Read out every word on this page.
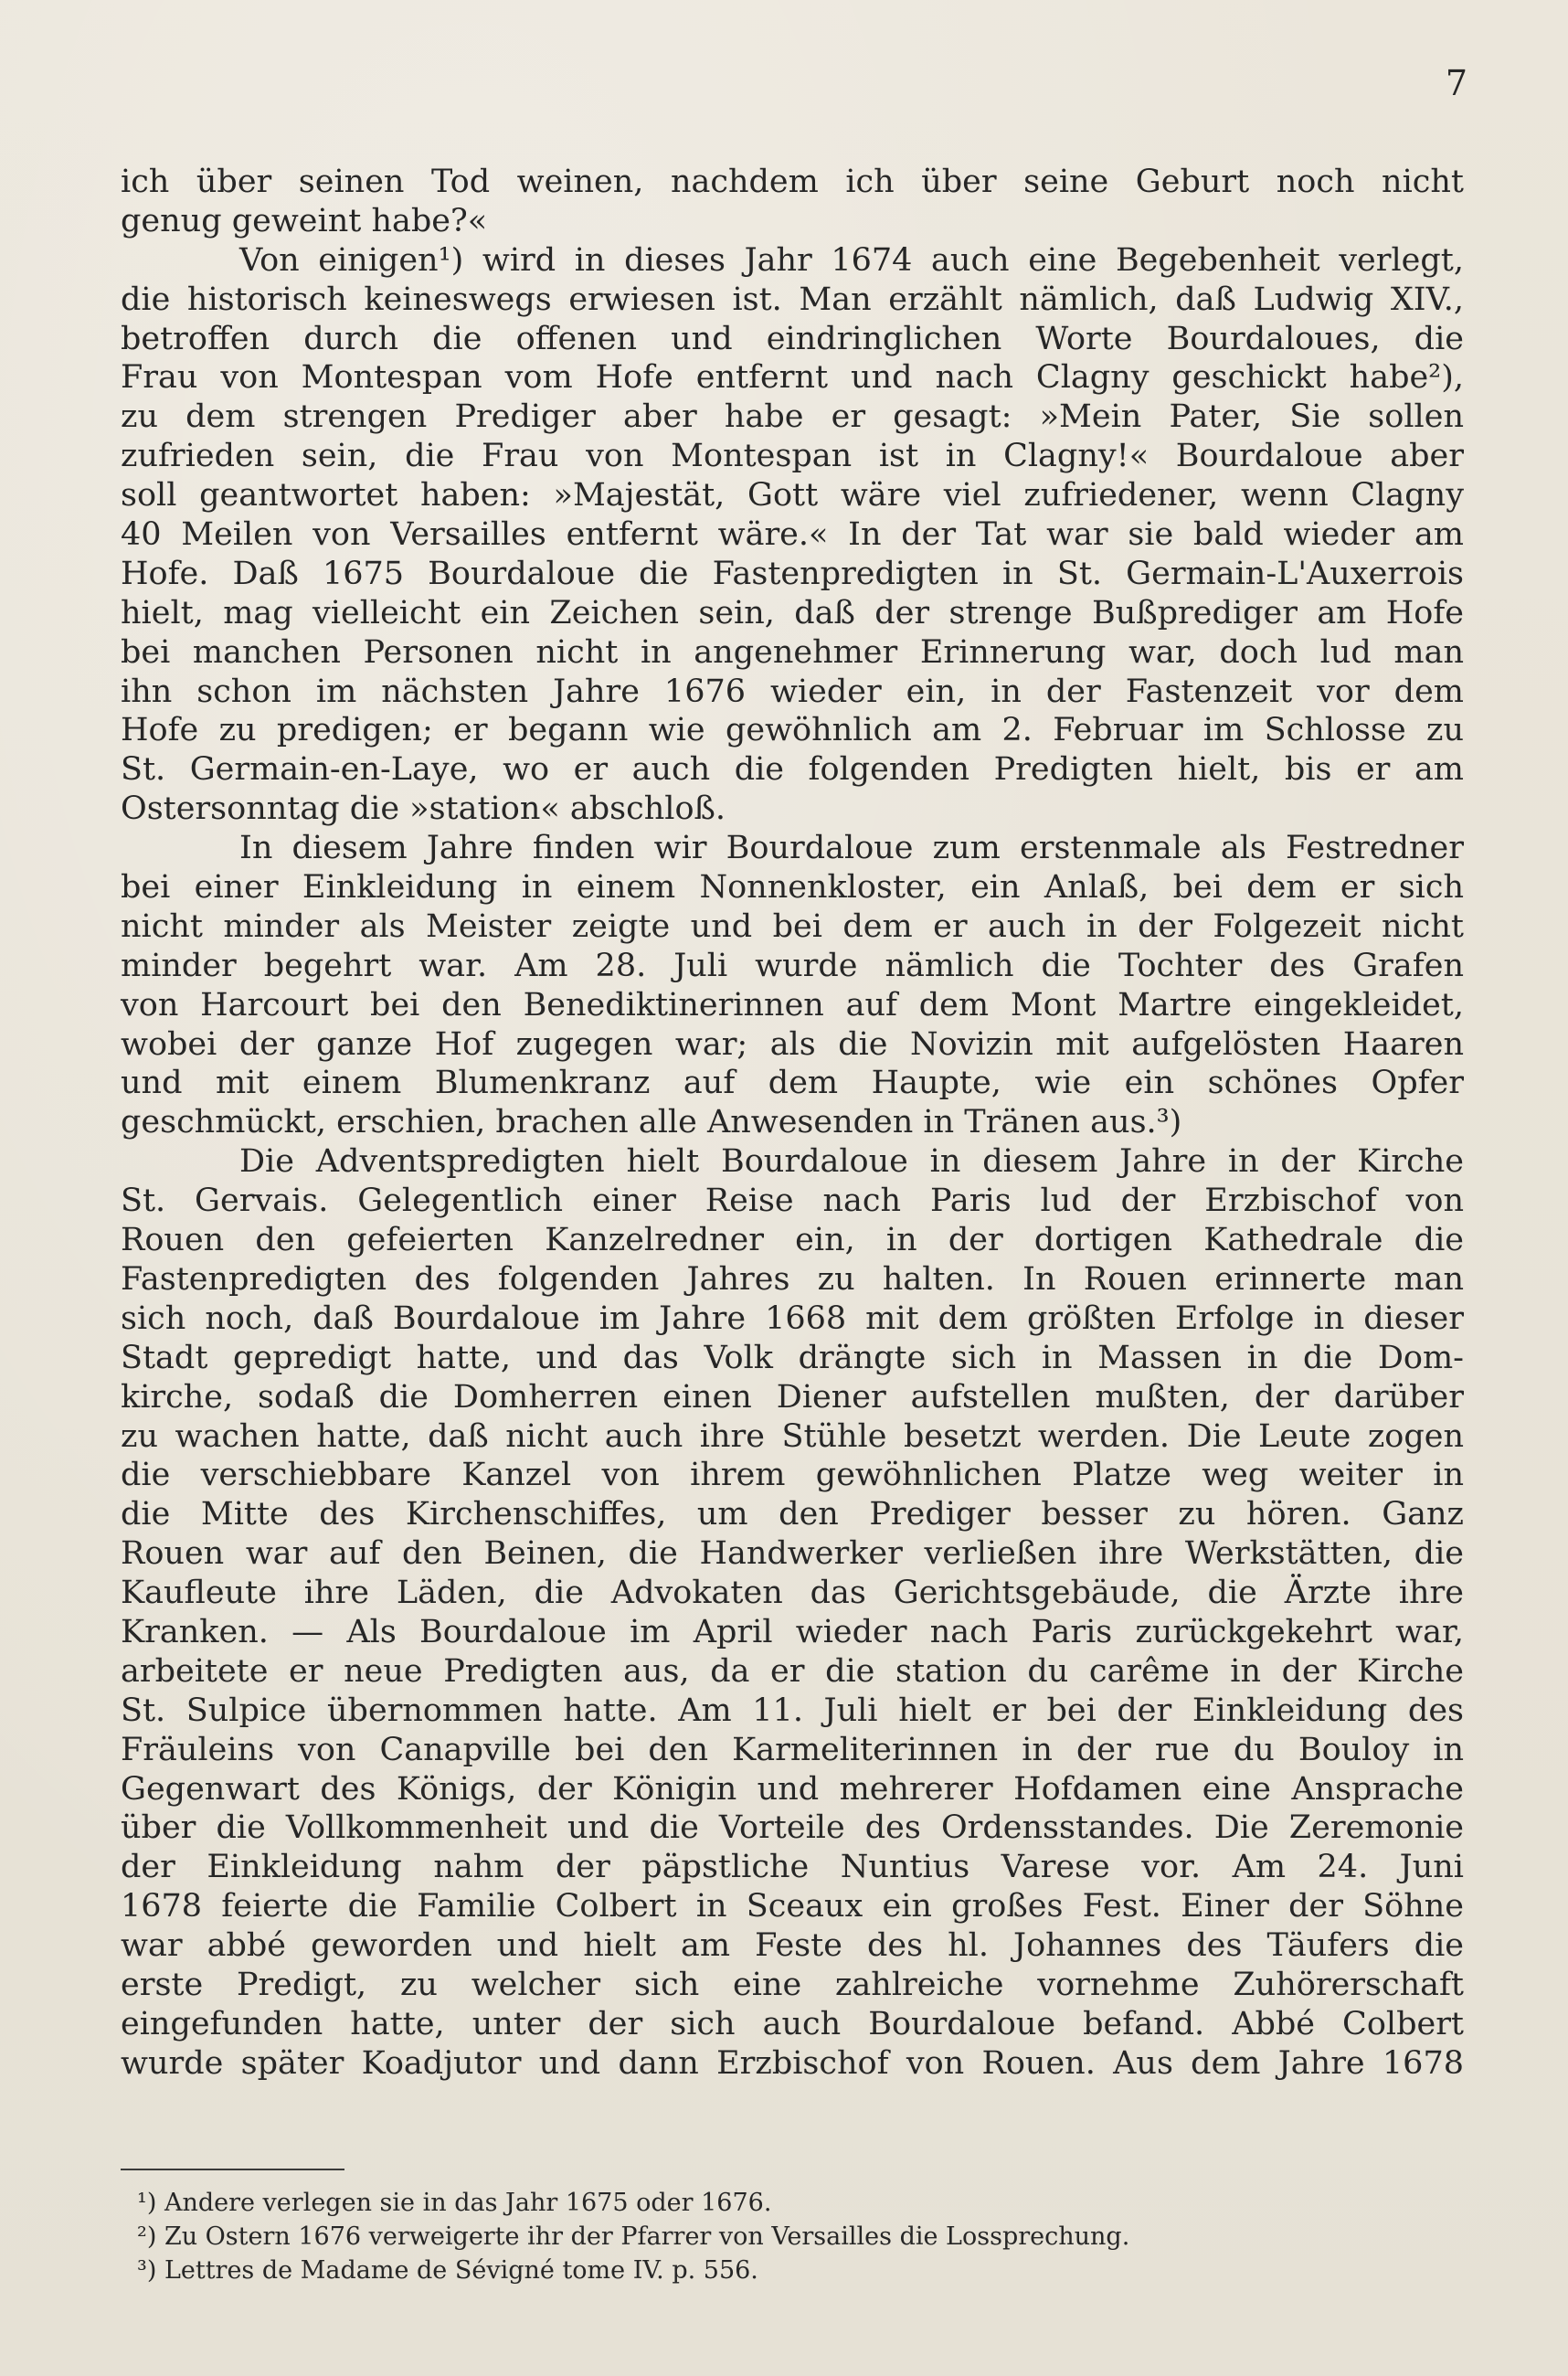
7
ich über seinen Tod weinen, nachdem ich über seine Geburt noch nicht
genug geweint habe?«
Von einigen¹) wird in dieses Jahr 1674 auch eine Begebenheit verlegt,
die historisch keineswegs erwiesen ist. Man erzählt nämlich, daß Ludwig XIV.,
betroffen durch die offenen und eindringlichen Worte Bourdaloues, die
Frau von Montespan vom Hofe entfernt und nach Clagny geschickt habe²),
zu dem strengen Prediger aber habe er gesagt: »Mein Pater, Sie sollen
zufrieden sein, die Frau von Montespan ist in Clagny!« Bourdaloue aber
soll geantwortet haben: »Majestät, Gott wäre viel zufriedener, wenn Clagny
40 Meilen von Versailles entfernt wäre.« In der Tat war sie bald wieder am
Hofe. Daß 1675 Bourdaloue die Fastenpredigten in St. Germain-L'Auxerrois
hielt, mag vielleicht ein Zeichen sein, daß der strenge Bußprediger am Hofe
bei manchen Personen nicht in angenehmer Erinnerung war, doch lud man
ihn schon im nächsten Jahre 1676 wieder ein, in der Fastenzeit vor dem
Hofe zu predigen; er begann wie gewöhnlich am 2. Februar im Schlosse zu
St. Germain-en-Laye, wo er auch die folgenden Predigten hielt, bis er am
Ostersonntag die »station« abschloß.
In diesem Jahre finden wir Bourdaloue zum erstenmale als Festredner
bei einer Einkleidung in einem Nonnenkloster, ein Anlaß, bei dem er sich
nicht minder als Meister zeigte und bei dem er auch in der Folgezeit nicht
minder begehrt war. Am 28. Juli wurde nämlich die Tochter des Grafen
von Harcourt bei den Benediktinerinnen auf dem Mont Martre eingekleidet,
wobei der ganze Hof zugegen war; als die Novizin mit aufgelösten Haaren
und mit einem Blumenkranz auf dem Haupte, wie ein schönes Opfer
geschmückt, erschien, brachen alle Anwesenden in Tränen aus.³)
Die Adventspredigten hielt Bourdaloue in diesem Jahre in der Kirche
St. Gervais. Gelegentlich einer Reise nach Paris lud der Erzbischof von
Rouen den gefeierten Kanzelredner ein, in der dortigen Kathedrale die
Fastenpredigten des folgenden Jahres zu halten. In Rouen erinnerte man
sich noch, daß Bourdaloue im Jahre 1668 mit dem größten Erfolge in dieser
Stadt gepredigt hatte, und das Volk drängte sich in Massen in die Dom-
kirche, sodaß die Domherren einen Diener aufstellen mußten, der darüber
zu wachen hatte, daß nicht auch ihre Stühle besetzt werden. Die Leute zogen
die verschiebbare Kanzel von ihrem gewöhnlichen Platze weg weiter in
die Mitte des Kirchenschiffes, um den Prediger besser zu hören. Ganz
Rouen war auf den Beinen, die Handwerker verließen ihre Werkstätten, die
Kaufleute ihre Läden, die Advokaten das Gerichtsgebäude, die Ärzte ihre
Kranken. — Als Bourdaloue im April wieder nach Paris zurückgekehrt war,
arbeitete er neue Predigten aus, da er die station du carême in der Kirche
St. Sulpice übernommen hatte. Am 11. Juli hielt er bei der Einkleidung des
Fräuleins von Canapville bei den Karmeliterinnen in der rue du Bouloy in
Gegenwart des Königs, der Königin und mehrerer Hofdamen eine Ansprache
über die Vollkommenheit und die Vorteile des Ordensstandes. Die Zeremonie
der Einkleidung nahm der päpstliche Nuntius Varese vor. Am 24. Juni
1678 feierte die Familie Colbert in Sceaux ein großes Fest. Einer der Söhne
war abbé geworden und hielt am Feste des hl. Johannes des Täufers die
erste Predigt, zu welcher sich eine zahlreiche vornehme Zuhörerschaft
eingefunden hatte, unter der sich auch Bourdaloue befand. Abbé Colbert
wurde später Koadjutor und dann Erzbischof von Rouen. Aus dem Jahre 1678
¹) Andere verlegen sie in das Jahr 1675 oder 1676.
²) Zu Ostern 1676 verweigerte ihr der Pfarrer von Versailles die Lossprechung.
³) Lettres de Madame de Sévigné tome IV. p. 556.
